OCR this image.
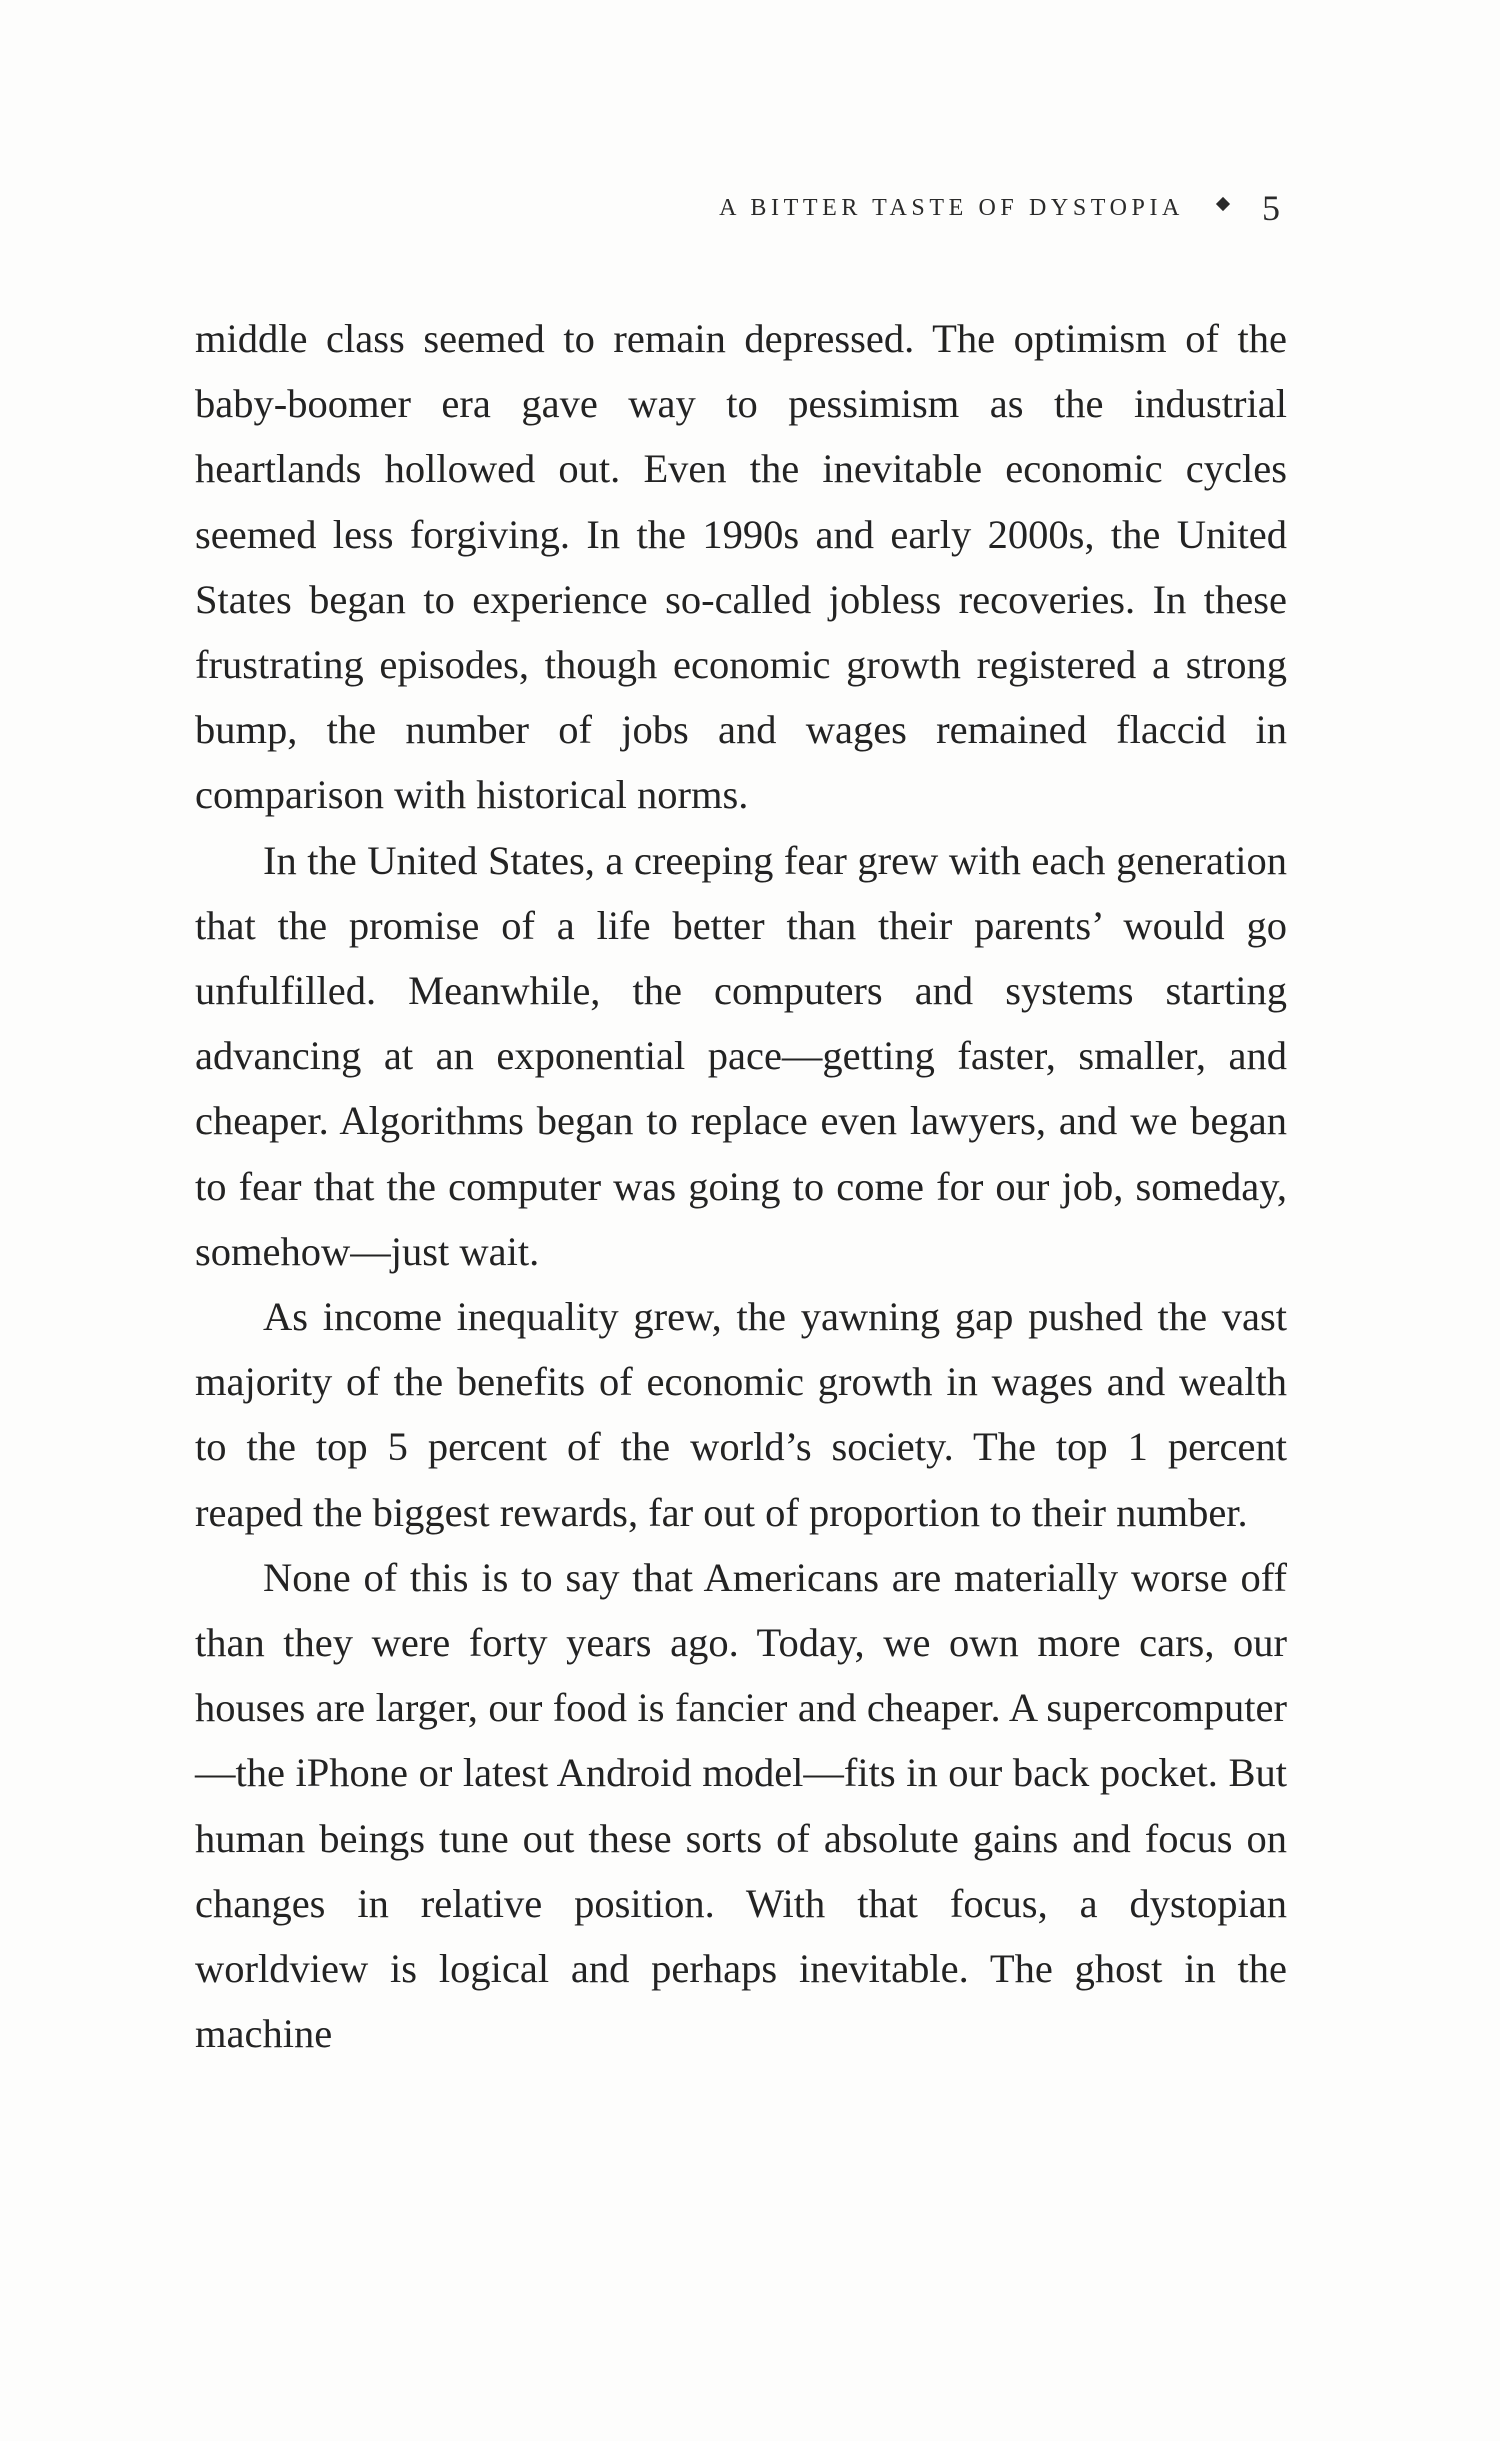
A BITTER TASTE OF DYSTOPIA 5

middle class seemed to remain depressed. The optimism of the baby-boomer era gave way to pessimism as the industrial heartlands hollowed out. Even the inevitable economic cycles seemed less forgiving. In the 1990s and early 2000s, the United States began to experience so-called jobless recoveries. In these frustrating episodes, though economic growth registered a strong bump, the number of jobs and wages remained flaccid in comparison with historical norms.

In the United States, a creeping fear grew with each generation that the promise of a life better than their parents’ would go unfulfilled. Meanwhile, the computers and systems starting advancing at an exponential pace—getting faster, smaller, and cheaper. Algorithms began to replace even lawyers, and we began to fear that the computer was going to come for our job, someday, somehow—just wait.

As income inequality grew, the yawning gap pushed the vast majority of the benefits of economic growth in wages and wealth to the top 5 percent of the world’s society. The top 1 percent reaped the biggest rewards, far out of proportion to their number.

None of this is to say that Americans are materially worse off than they were forty years ago. Today, we own more cars, our houses are larger, our food is fancier and cheaper. A supercomputer—the iPhone or latest Android model—fits in our back pocket. But human beings tune out these sorts of absolute gains and focus on changes in relative position. With that focus, a dystopian worldview is logical and perhaps inevitable. The ghost in the machine
